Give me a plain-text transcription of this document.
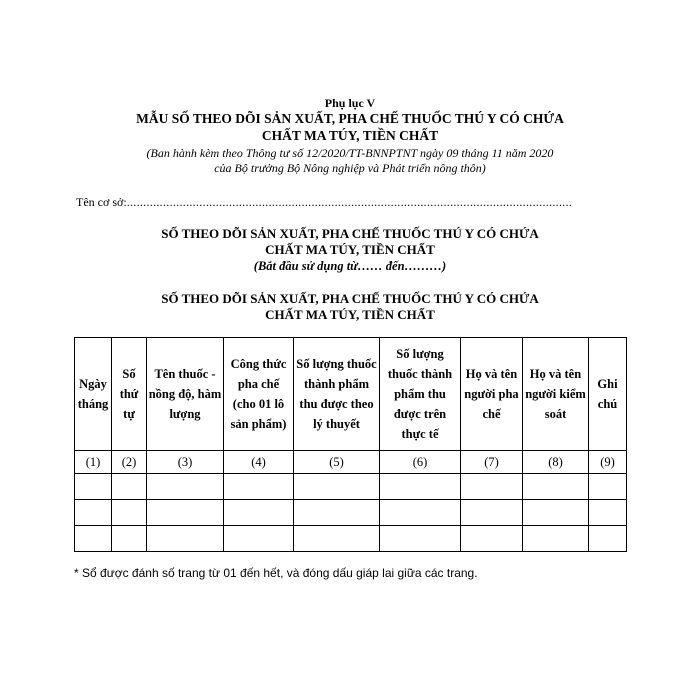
Phụ lục V
MẪU SỐ THEO DÕI SẢN XUẤT, PHA CHẾ THUỐC THÚ Y CÓ CHỨA
CHẤT MA TÚY, TIỀN CHẤT
(Ban hành kèm theo Thông tư số 12/2020/TT-BNNPTNT ngày 09 tháng 11 năm 2020
của Bộ trưởng Bộ Nông nghiệp và Phát triển nông thôn)
Tên cơ sở:.......................................................................................................................................
SỐ THEO DÕI SẢN XUẤT, PHA CHẾ THUỐC THÚ Y CÓ CHỨA
CHẤT MA TÚY, TIỀN CHẤT
(Bắt đầu sử dụng từ…… đến………)
SỐ THEO DÕI SẢN XUẤT, PHA CHẾ THUỐC THÚ Y CÓ CHỨA
CHẤT MA TÚY, TIỀN CHẤT
Ngày tháng	Số thứ tự	Tên thuốc - nồng độ, hàm lượng	Công thức pha chế (cho 01 lô sản phẩm)	Số lượng thuốc thành phẩm thu được theo lý thuyết	Số lượng thuốc thành phẩm thu được trên thực tế	Họ và tên người pha chế	Họ và tên người kiểm soát	Ghi chú
(1)	(2)	(3)	(4)	(5)	(6)	(7)	(8)	(9)

* Sổ được đánh số trang từ 01 đến hết, và đóng dấu giáp lai giữa các trang.
